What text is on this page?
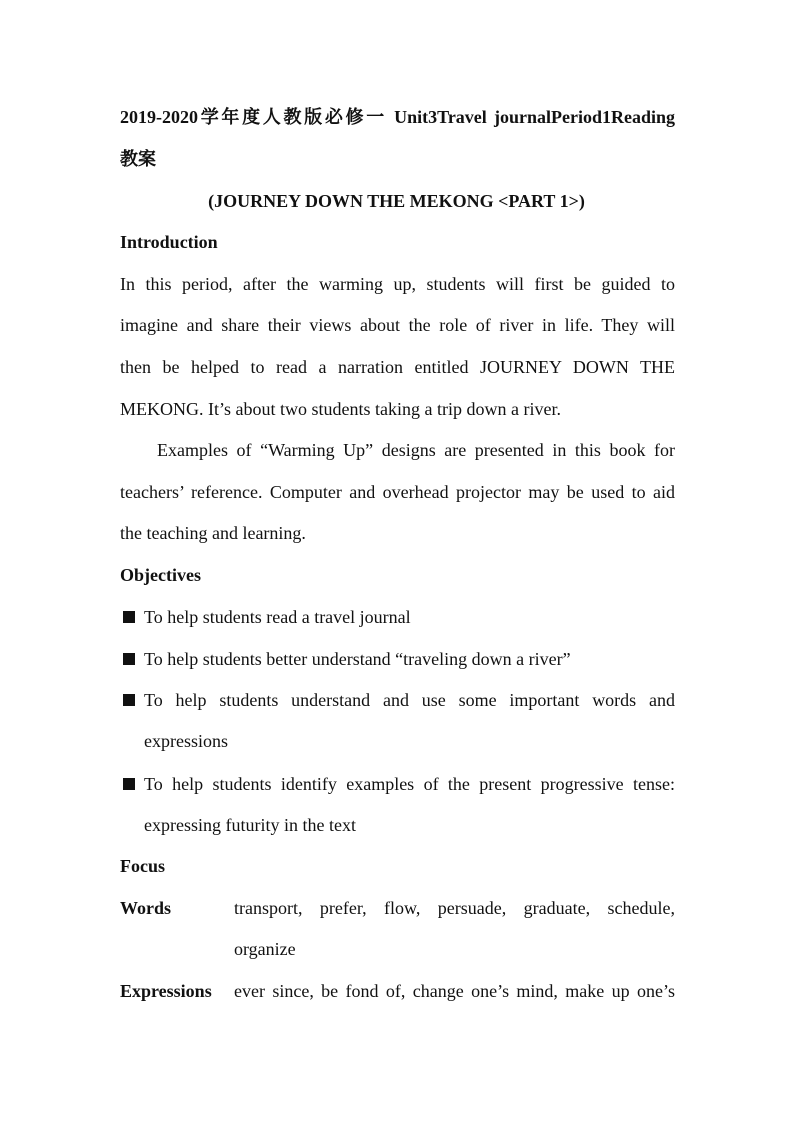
2019-2020学年度人教版必修一 Unit3Travel journalPeriod1Reading
教案
(JOURNEY DOWN THE MEKONG <PART 1>)
Introduction
In this period, after the warming up, students will first be guided to
imagine and share their views about the role of river in life. They will
then be helped to read a narration entitled JOURNEY DOWN THE
MEKONG. It’s about two students taking a trip down a river.
Examples of “Warming Up” designs are presented in this book for
teachers’ reference. Computer and overhead projector may be used to aid
the teaching and learning.
Objectives
To help students read a travel journal
To help students better understand “traveling down a river”
To help students understand and use some important words and
expressions
To help students identify examples of the present progressive tense:
expressing futurity in the text
Focus
Words	transport, prefer, flow, persuade, graduate, schedule,
organize
Expressions ever since, be fond of, change one’s mind, make up one’s
